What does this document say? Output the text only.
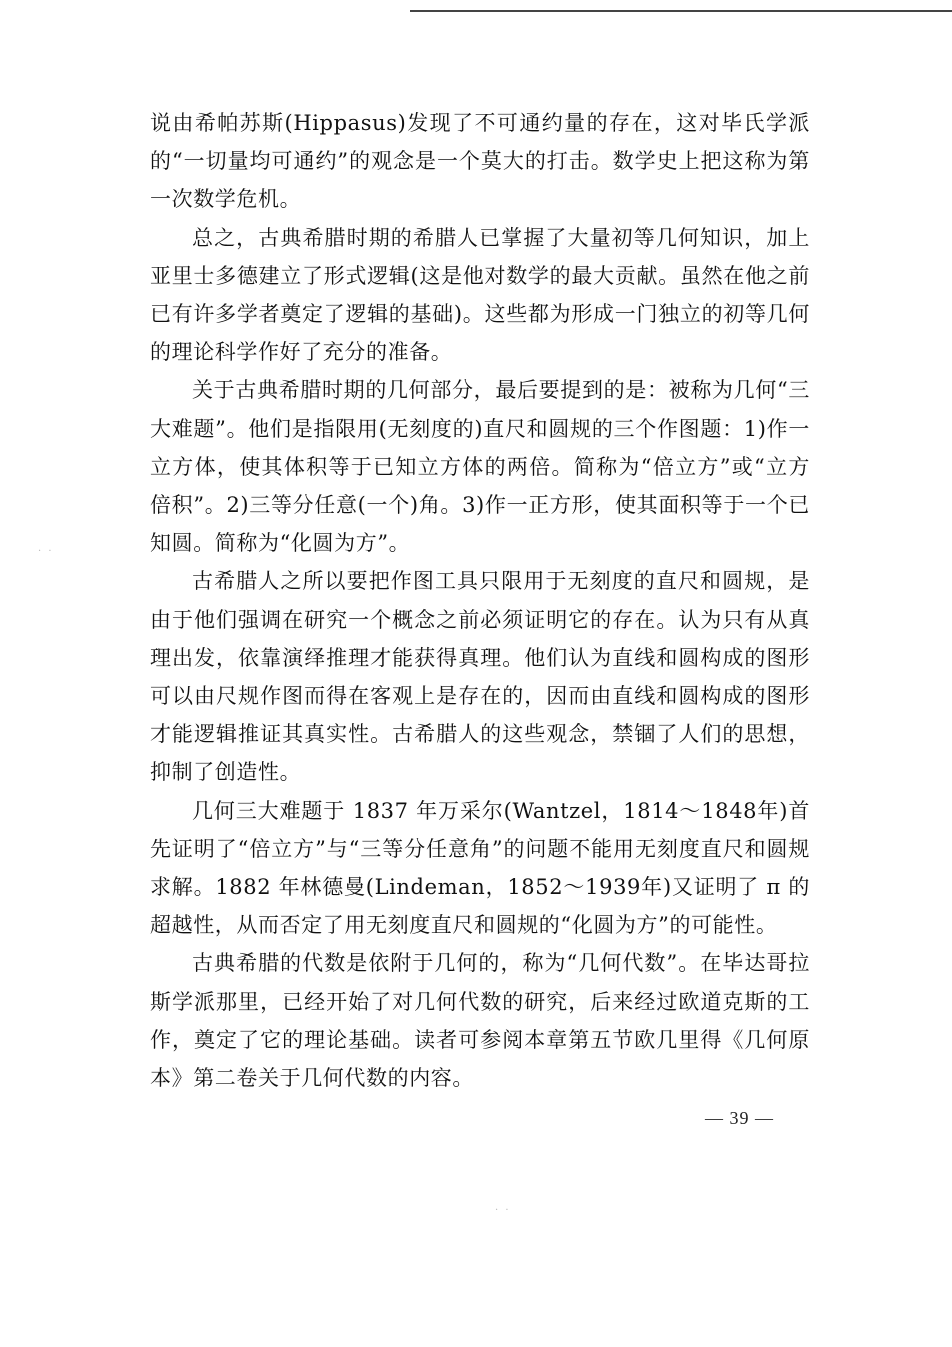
· ·

说由希帕苏斯(Hippasus)发现了不可通约量的存在，这对毕氏学派的“一切量均可通约”的观念是一个莫大的打击。数学史上把这称为第一次数学危机。

总之，古典希腊时期的希腊人已掌握了大量初等几何知识，加上亚里士多德建立了形式逻辑(这是他对数学的最大贡献。虽然在他之前已有许多学者奠定了逻辑的基础)。这些都为形成一门独立的初等几何的理论科学作好了充分的准备。

关于古典希腊时期的几何部分，最后要提到的是：被称为几何“三大难题”。他们是指限用(无刻度的)直尺和圆规的三个作图题：1)作一立方体，使其体积等于已知立方体的两倍。简称为“倍立方”或“立方倍积”。2)三等分任意(一个)角。3)作一正方形，使其面积等于一个已知圆。简称为“化圆为方”。

古希腊人之所以要把作图工具只限用于无刻度的直尺和圆规，是由于他们强调在研究一个概念之前必须证明它的存在。认为只有从真理出发，依靠演绎推理才能获得真理。他们认为直线和圆构成的图形可以由尺规作图而得在客观上是存在的，因而由直线和圆构成的图形才能逻辑推证其真实性。古希腊人的这些观念，禁锢了人们的思想，抑制了创造性。

几何三大难题于 1837 年万采尔(Wantzel，1814～1848年)首先证明了“倍立方”与“三等分任意角”的问题不能用无刻度直尺和圆规求解。1882 年林德曼(Lindeman，1852～1939年)又证明了 π 的超越性，从而否定了用无刻度直尺和圆规的“化圆为方”的可能性。

古典希腊的代数是依附于几何的，称为“几何代数”。在毕达哥拉斯学派那里，已经开始了对几何代数的研究，后来经过欧道克斯的工作，奠定了它的理论基础。读者可参阅本章第五节欧几里得《几何原本》第二卷关于几何代数的内容。

— 39 —
· ·
